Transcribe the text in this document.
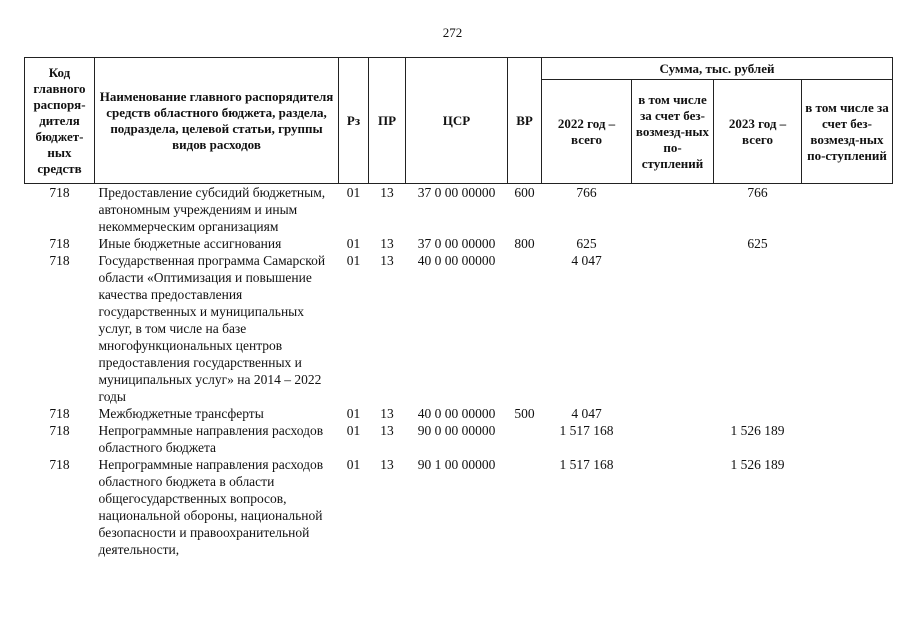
272
Код главного распоря-дителя бюджет-ных средств	Наименование главного распорядителя средств областного бюджета, раздела, подраздела, целевой статьи, группы видов расходов	Рз	ПР	ЦСР	ВР	Сумма, тыс. рублей			
						2022 год – всего	в том числе за счет без-возмезд-ных по-ступлений	2023 год – всего	в том числе за счет без-возмезд-ных по-ступлений
718	Предоставление субсидий бюджетным, автономным учреждениям и иным некоммерческим организациям	01	13	37 0 00 00000	600	766		766	
718	Иные бюджетные ассигнования	01	13	37 0 00 00000	800	625		625	
718	Государственная программа Самарской области «Оптимизация и повышение качества предоставления государственных и муниципальных услуг, в том числе на базе многофункциональных центров предоставления государственных и муниципальных услуг» на 2014 – 2022 годы	01	13	40 0 00 00000		4 047			
718	Межбюджетные трансферты	01	13	40 0 00 00000	500	4 047			
718	Непрограммные направления расходов областного бюджета	01	13	90 0 00 00000		1 517 168		1 526 189	
718	Непрограммные направления расходов областного бюджета в области общегосударственных вопросов, национальной обороны, национальной безопасности и правоохранительной деятельности,	01	13	90 1 00 00000		1 517 168		1 526 189	
